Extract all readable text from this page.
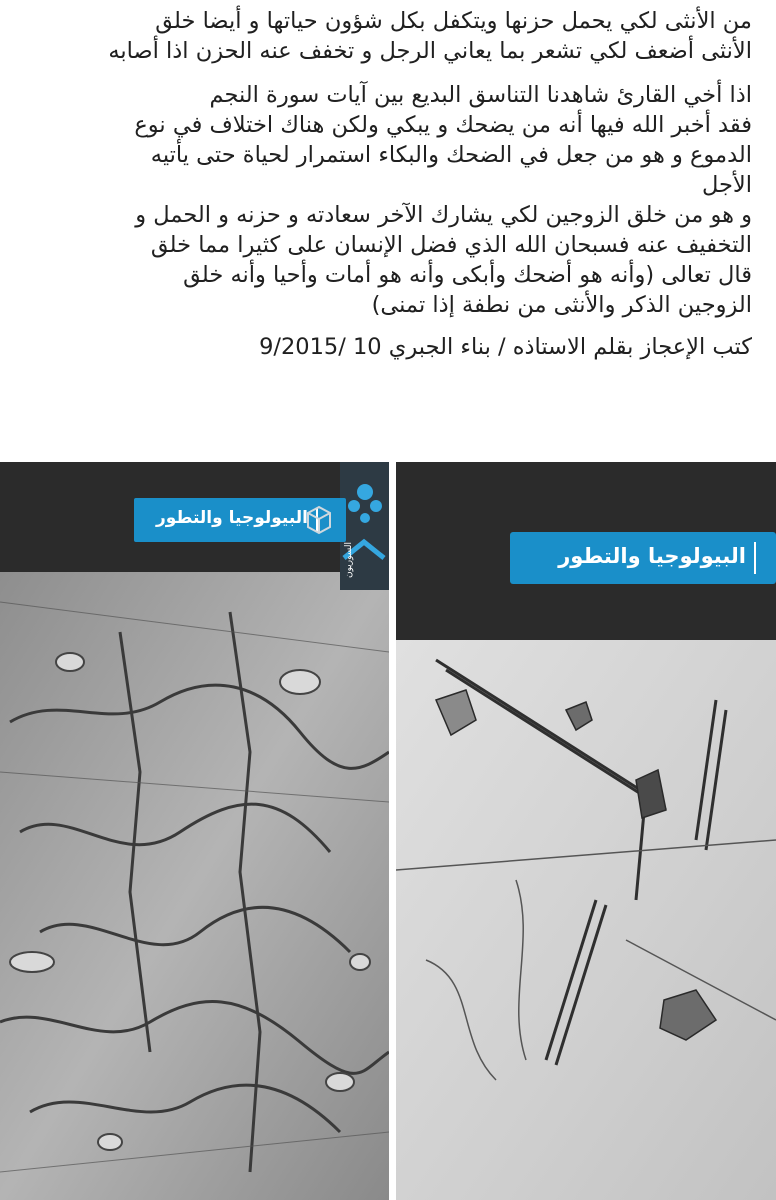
من الأنثى لكي يحمل حزنها ويتكفل بكل شؤون حياتها و أيضا خلق
الأنثى أضعف لكي تشعر بما يعاني الرجل و تخفف عنه الحزن اذا أصابه

اذا أخي القارئ شاهدنا التناسق البديع بين آيات سورة النجم
فقد أخبر الله فيها أنه من يضحك و يبكي ولكن هناك اختلاف في نوع
الدموع و هو من جعل في الضحك والبكاء استمرار لحياة حتى يأتيه
الأجل
و هو من خلق الزوجين لكي يشارك الآخر سعادته و حزنه و الحمل و
التخفيف عنه فسبحان الله الذي فضل الإنسان على كثيرا مما خلق
قال تعالى (وأنه هو أضحك وأبكى وأنه هو أمات وأحيا وأنه خلق
الزوجين الذكر والأنثى من نطفة إذا تمنى)

كتب الإعجاز بقلم الاستاذه / بناء الجبري 10 /9/2015
السوريون
البيولوجيا والتطور
البيولوجيا والتطور
